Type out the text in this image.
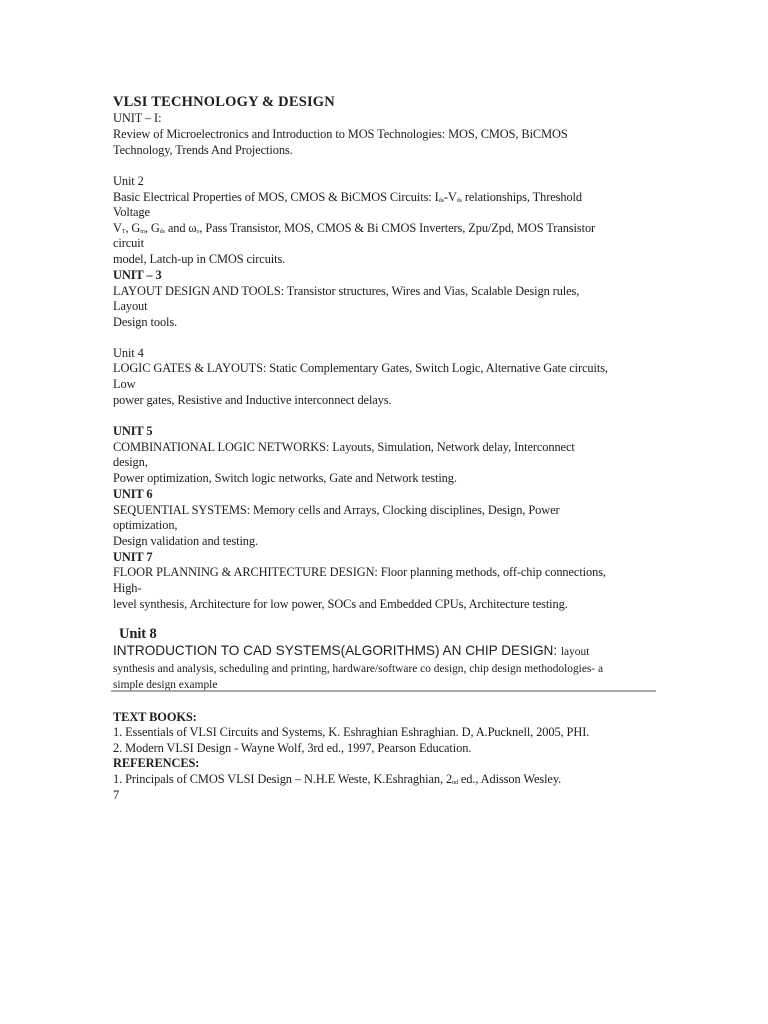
VLSI TECHNOLOGY & DESIGN

UNIT – I:

Review of Microelectronics and Introduction to MOS Technologies: MOS, CMOS, BiCMOS

Technology, Trends And Projections.

Unit 2

Basic Electrical Properties of MOS, CMOS & BiCMOS Circuits: $I_{ds}-V_{ds}$ relationships, Threshold

Voltage

$V_T$, $G_m$, $G_{ds}$ and $\omega_o$, Pass Transistor, MOS, CMOS & Bi CMOS Inverters, Zpu/Zpd, MOS Transistor

circuit

model, Latch-up in CMOS circuits.

UNIT – 3

LAYOUT DESIGN AND TOOLS: Transistor structures, Wires and Vias, Scalable Design rules,

Layout

Design tools.

Unit 4

LOGIC GATES & LAYOUTS: Static Complementary Gates, Switch Logic, Alternative Gate circuits,

Low

power gates, Resistive and Inductive interconnect delays.

UNIT 5

COMBINATIONAL LOGIC NETWORKS: Layouts, Simulation, Network delay, Interconnect

design,

Power optimization, Switch logic networks, Gate and Network testing.

UNIT 6

SEQUENTIAL SYSTEMS: Memory cells and Arrays, Clocking disciplines, Design, Power

optimization,

Design validation and testing.

UNIT 7

FLOOR PLANNING & ARCHITECTURE DESIGN: Floor planning methods, off-chip connections,

High-

level synthesis, Architecture for low power, SOCs and Embedded CPUs, Architecture testing.

Unit 8

INTRODUCTION TO CAD SYSTEMS(ALGORITHMS) AN CHIP DESIGN: layout

synthesis and analysis, scheduling and printing, hardware/software co design, chip design methodologies- a

simple design example

TEXT BOOKS:

1. Essentials of VLSI Circuits and Systems, K. Eshraghian Eshraghian. D, A.Pucknell, 2005, PHI.

2. Modern VLSI Design - Wayne Wolf, 3rd ed., 1997, Pearson Education.

REFERENCES:

1. Principals of CMOS VLSI Design – N.H.E Weste, K.Eshraghian, $2_{nd}$ ed., Adisson Wesley.

7
